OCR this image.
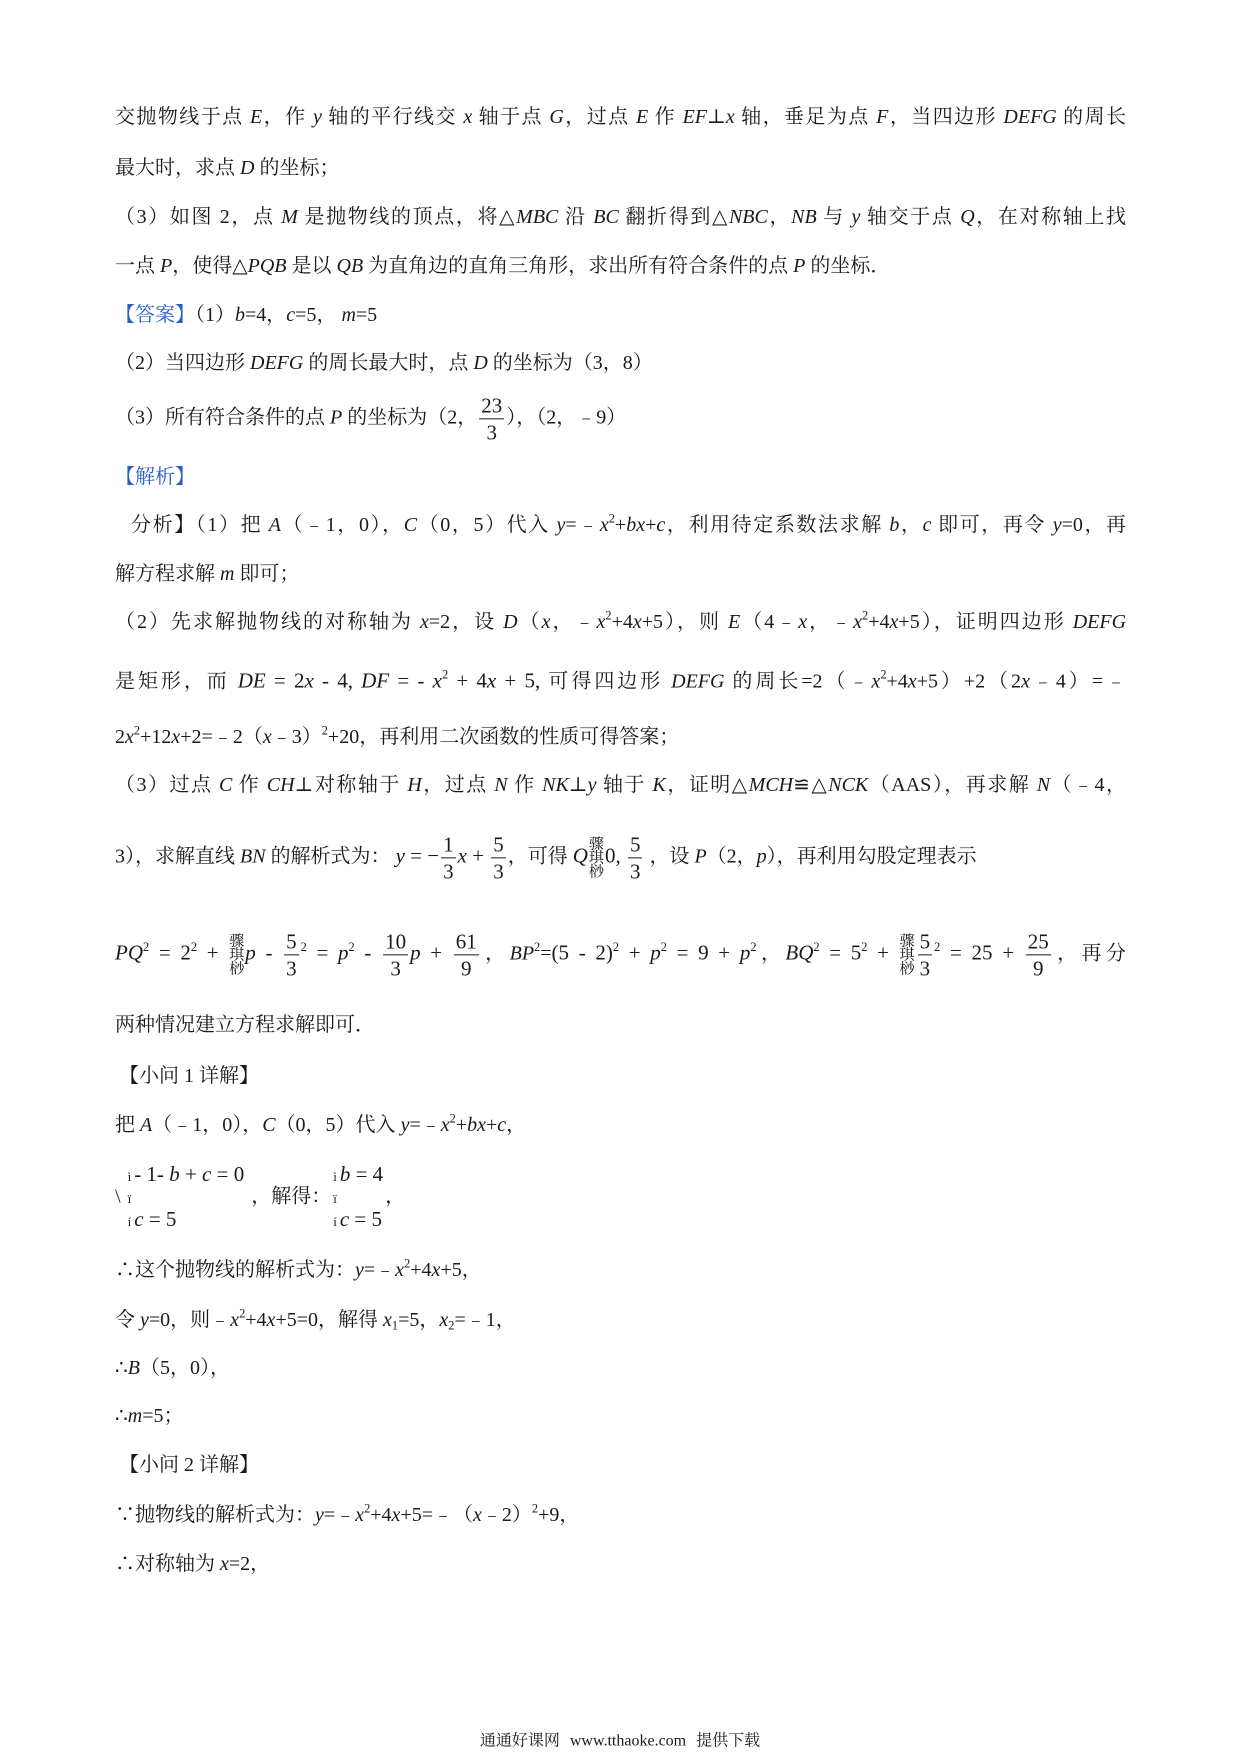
交抛物线于点 E，作 y 轴的平行线交 x 轴于点 G，过点 E 作 EF⊥x 轴，垂足为点 F，当四边形 DEFG 的周长
最大时，求点 D 的坐标；
（3）如图 2，点 M 是抛物线的顶点，将△MBC 沿 BC 翻折得到△NBC，NB 与 y 轴交于点 Q，在对称轴上找
一点 P，使得△PQB 是以 QB 为直角边的直角三角形，求出所有符合条件的点 P 的坐标．
【答案】（1）b=4，c=5， m=5
（2）当四边形 DEFG 的周长最大时，点 D 的坐标为（3，8）
（3）所有符合条件的点 P 的坐标为（2， $\frac{23}{3}$ ），（2，﹣9）
【解析】
分析】（1）把 A（﹣1，0），C（0，5）代入 $y=﹣x^2+bx+c$，利用待定系数法求解 b，c 即可，再令 y=0，再
解方程求解 m 即可；
（2）先求解抛物线的对称轴为 x=2，设 D（x，$﹣x^2+4x+5$），则 E（4﹣x，$﹣x^2+4x+5$），证明四边形 DEFG
是矩形，而 DE = 2x - 4, DF = - $x^2 + 4x + 5$, 可得四边形 DEFG 的周长$=2(﹣x^2+4x+5)+2(2x﹣4)=﹣$
$2x^2+12x+2=﹣2(x﹣3)^2+20$，再利用二次函数的性质可得答案；
（3）过点 C 作 CH⊥对称轴于 H，过点 N 作 NK⊥y 轴于 K，证明△MCH≌△NCK（AAS），再求解 N（﹣4，
3），求解直线 BN 的解析式为： y = − $\frac{1}{3}$ $x + \frac{5}{3}$ ，可得 Q 骤
琪
桫
0, $\frac{5}{3}$ ，设 P（2，p），再利用勾股定理表示
$PQ^2 = 2^2$ + 骤
琪
桫
$p - \frac{5}{3} ^2 = p^2 - \frac{10}{3}$ $p + \frac{61}{9}$ ，$BP^2=(5 - 2)^2 + p^2 = 9 + p^2$，$BQ^2 = 5^2$ + 骤
琪
桫 $\frac{5}{3} ^2 = 25 + \frac{25}{9}$ ，再分
两种情况建立方程求解即可．
【小问 1 详解】
把 A（﹣1，0），C（0，5）代入 $y=﹣x^2+bx+c$，
\
ì - 1- b + c = 0
ï
í c = 5
，解得：
ì b = 4
ï
í c = 5
，
∴这个抛物线的解析式为：$y=﹣x^2+4x+5$，
令 y=0，则$﹣x^2+4x+5=0$，解得 $x_1=5$，$x_2=﹣1$，
∴B（5，0），
∴m=5；
【小问 2 详解】
∵抛物线的解析式为：$y=﹣x^2+4x+5=﹣(x﹣2)^2+9$，
∴对称轴为 x=2，
通通好课网 www.tthaoke.com 提供下载
